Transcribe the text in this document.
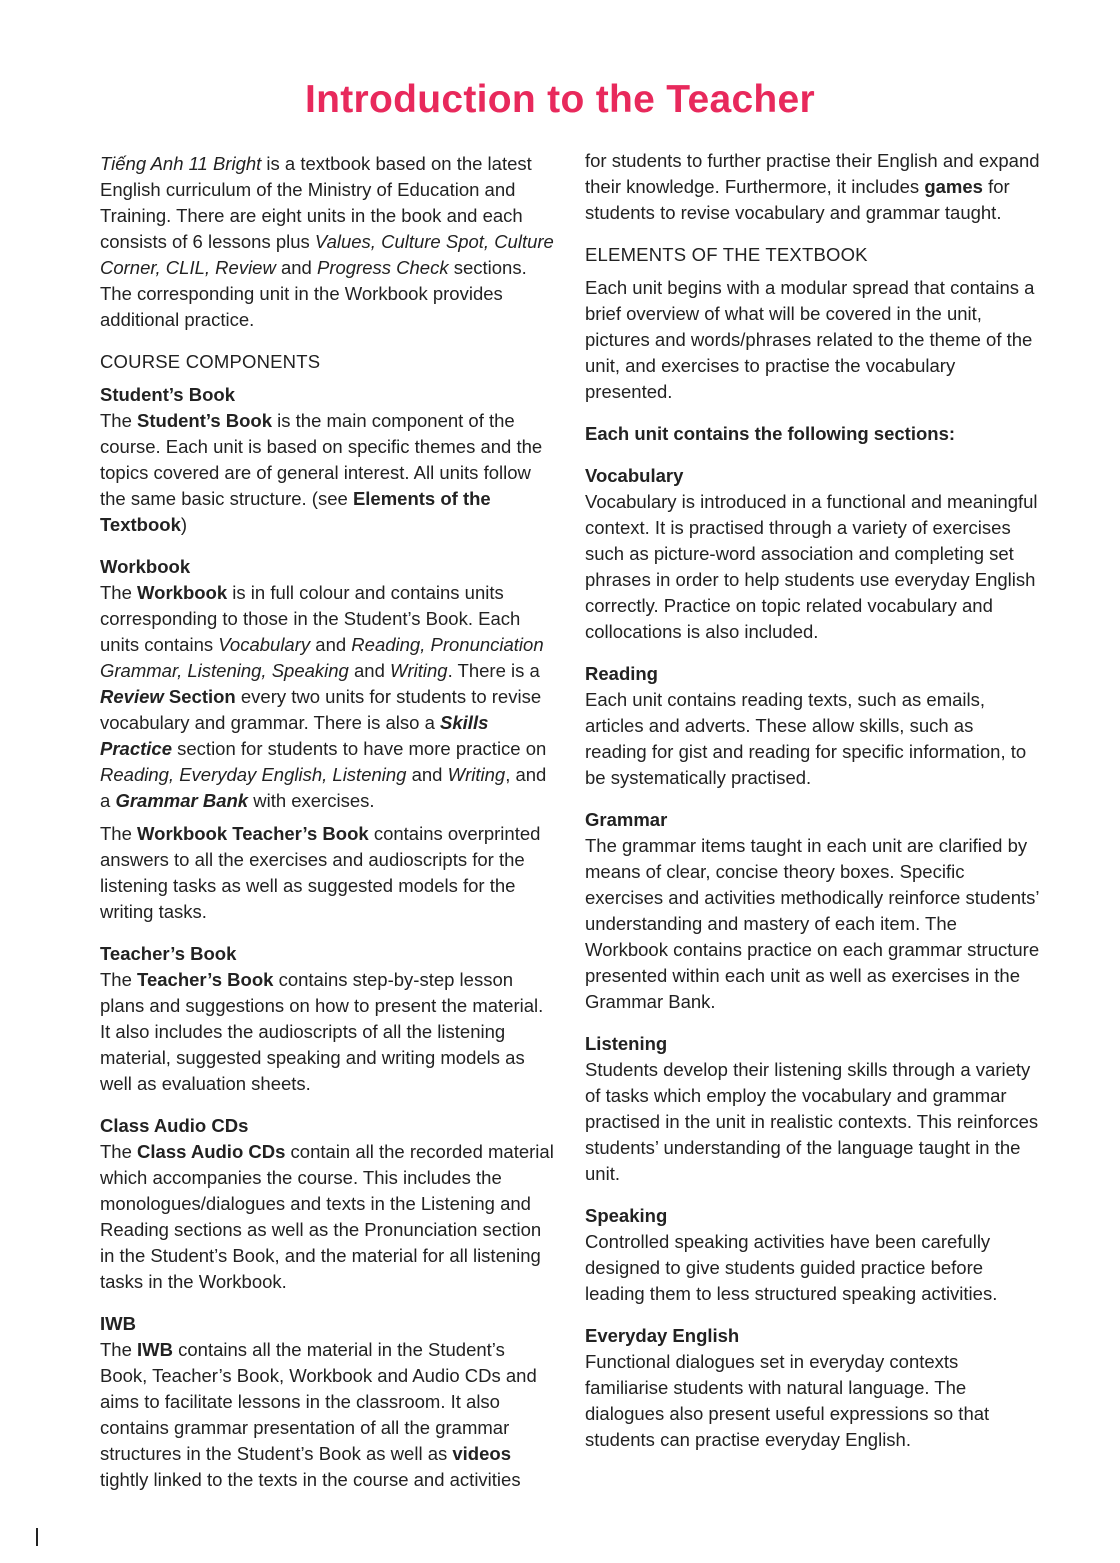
Introduction to the Teacher

Tiếng Anh 11 Bright is a textbook based on the latest English curriculum of the Ministry of Education and Training. There are eight units in the book and each consists of 6 lessons plus Values, Culture Spot, Culture Corner, CLIL, Review and Progress Check sections. The corresponding unit in the Workbook provides additional practice.

COURSE COMPONENTS

Student’s Book

The Student’s Book is the main component of the course. Each unit is based on specific themes and the topics covered are of general interest. All units follow the same basic structure. (see Elements of the Textbook)

Workbook

The Workbook is in full colour and contains units corresponding to those in the Student’s Book. Each units contains Vocabulary and Reading, Pronunciation Grammar, Listening, Speaking and Writing. There is a Review Section every two units for students to revise vocabulary and grammar. There is also a Skills Practice section for students to have more practice on Reading, Everyday English, Listening and Writing, and a Grammar Bank with exercises.

The Workbook Teacher’s Book contains overprinted answers to all the exercises and audioscripts for the listening tasks as well as suggested models for the writing tasks.

Teacher’s Book

The Teacher’s Book contains step-by-step lesson plans and suggestions on how to present the material. It also includes the audioscripts of all the listening material, suggested speaking and writing models as well as evaluation sheets.

Class Audio CDs

The Class Audio CDs contain all the recorded material which accompanies the course. This includes the monologues/dialogues and texts in the Listening and Reading sections as well as the Pronunciation section in the Student’s Book, and the material for all listening tasks in the Workbook.

IWB

The IWB contains all the material in the Student’s Book, Teacher’s Book, Workbook and Audio CDs and aims to facilitate lessons in the classroom. It also contains grammar presentation of all the grammar structures in the Student’s Book as well as videos tightly linked to the texts in the course and activities

for students to further practise their English and expand their knowledge. Furthermore, it includes games for students to revise vocabulary and grammar taught.

ELEMENTS OF THE TEXTBOOK

Each unit begins with a modular spread that contains a brief overview of what will be covered in the unit, pictures and words/phrases related to the theme of the unit, and exercises to practise the vocabulary presented.

Each unit contains the following sections:

Vocabulary

Vocabulary is introduced in a functional and meaningful context. It is practised through a variety of exercises such as picture-word association and completing set phrases in order to help students use everyday English correctly. Practice on topic related vocabulary and collocations is also included.

Reading

Each unit contains reading texts, such as emails, articles and adverts. These allow skills, such as reading for gist and reading for specific information, to be systematically practised.

Grammar

The grammar items taught in each unit are clarified by means of clear, concise theory boxes. Specific exercises and activities methodically reinforce students’ understanding and mastery of each item. The Workbook contains practice on each grammar structure presented within each unit as well as exercises in the Grammar Bank.

Listening

Students develop their listening skills through a variety of tasks which employ the vocabulary and grammar practised in the unit in realistic contexts. This reinforces students’ understanding of the language taught in the unit.

Speaking

Controlled speaking activities have been carefully designed to give students guided practice before leading them to less structured speaking activities.

Everyday English

Functional dialogues set in everyday contexts familiarise students with natural language. The dialogues also present useful expressions so that students can practise everyday English.
